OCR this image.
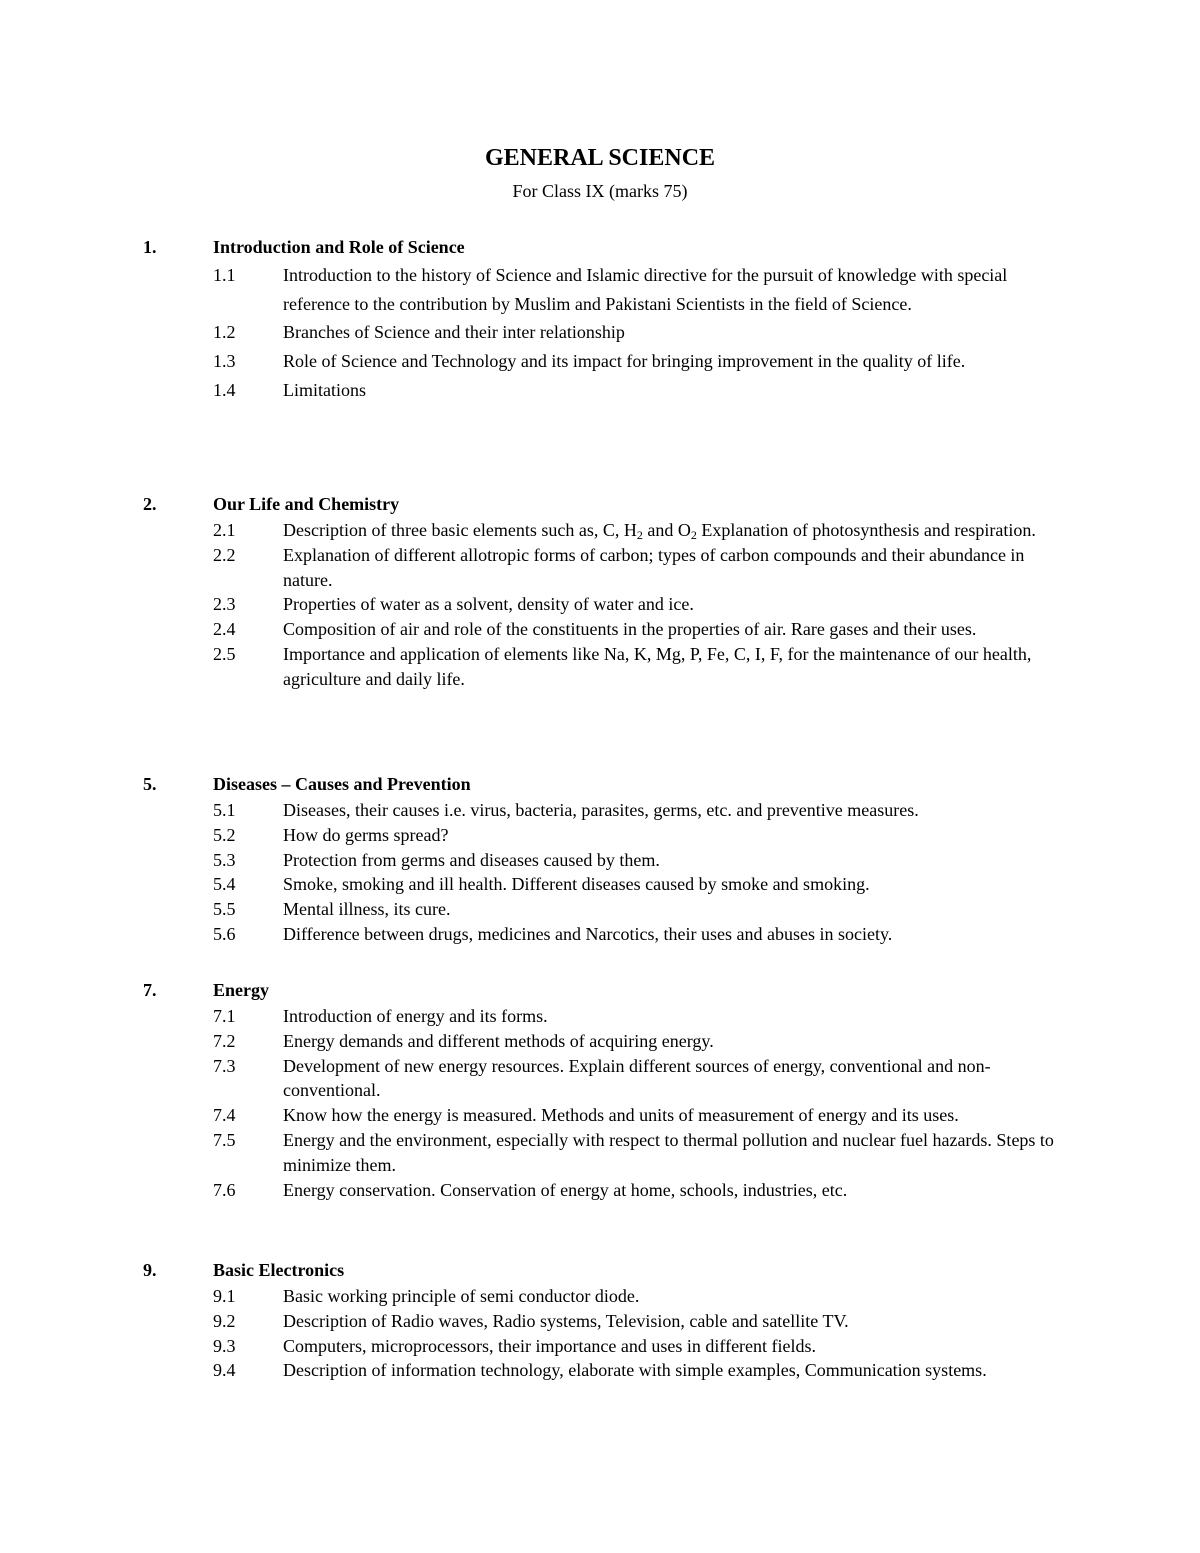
GENERAL SCIENCE
For Class IX (marks 75)
1.	Introduction and Role of Science
1.1	Introduction to the history of Science and Islamic directive for the pursuit of knowledge with special reference to the contribution by Muslim and Pakistani Scientists in the field of Science.
1.2	Branches of Science and their inter relationship
1.3	Role of Science and Technology and its impact for bringing improvement in the quality of life.
1.4	Limitations
2.	Our Life and Chemistry
2.1	Description of three basic elements such as, C, $H_2$ and $O_2$ Explanation of photosynthesis and respiration.
2.2	Explanation of different allotropic forms of carbon; types of carbon compounds and their abundance in nature.
2.3	Properties of water as a solvent, density of water and ice.
2.4	Composition of air and role of the constituents in the properties of air. Rare gases and their uses.
2.5	Importance and application of elements like Na, K, Mg, P, Fe, C, I, F, for the maintenance of our health, agriculture and daily life.
5.	Diseases – Causes and Prevention
5.1	Diseases, their causes i.e. virus, bacteria, parasites, germs, etc. and preventive measures.
5.2	How do germs spread?
5.3	Protection from germs and diseases caused by them.
5.4	Smoke, smoking and ill health. Different diseases caused by smoke and smoking.
5.5	Mental illness, its cure.
5.6	Difference between drugs, medicines and Narcotics, their uses and abuses in society.
7.	Energy
7.1	Introduction of energy and its forms.
7.2	Energy demands and different methods of acquiring energy.
7.3	Development of new energy resources. Explain different sources of energy, conventional and non-conventional.
7.4	Know how the energy is measured. Methods and units of measurement of energy and its uses.
7.5	Energy and the environment, especially with respect to thermal pollution and nuclear fuel hazards. Steps to minimize them.
7.6	Energy conservation. Conservation of energy at home, schools, industries, etc.
9.	Basic Electronics
9.1	Basic working principle of semi conductor diode.
9.2	Description of Radio waves, Radio systems, Television, cable and satellite TV.
9.3	Computers, microprocessors, their importance and uses in different fields.
9.4	Description of information technology, elaborate with simple examples, Communication systems.
